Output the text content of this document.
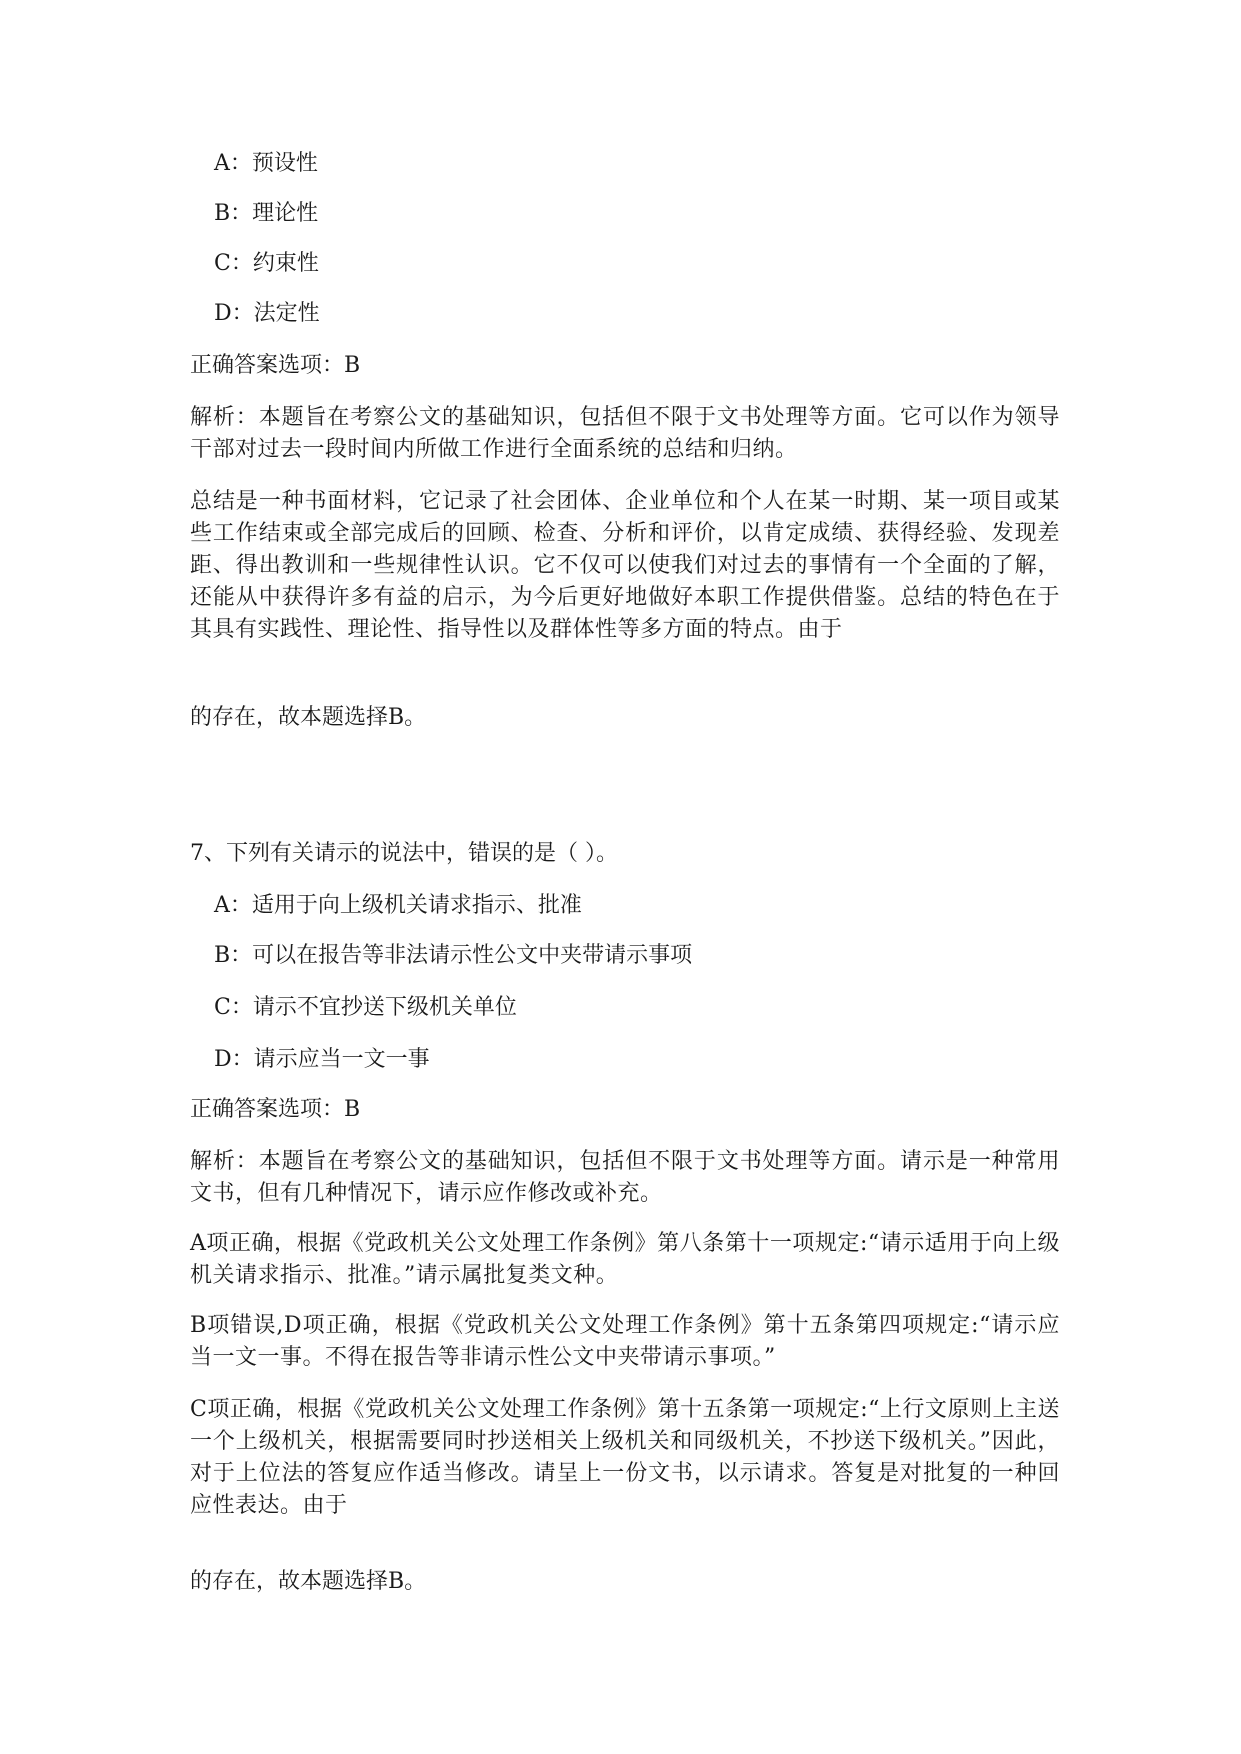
A：预设性
B：理论性
C：约束性
D：法定性
正确答案选项：B
解析：本题旨在考察公文的基础知识，包括但不限于文书处理等方面。它可以作为领导干部对过去一段时间内所做工作进行全面系统的总结和归纳。
总结是一种书面材料，它记录了社会团体、企业单位和个人在某一时期、某一项目或某些工作结束或全部完成后的回顾、检查、分析和评价，以肯定成绩、获得经验、发现差距、得出教训和一些规律性认识。它不仅可以使我们对过去的事情有一个全面的了解，还能从中获得许多有益的启示，为今后更好地做好本职工作提供借鉴。总结的特色在于其具有实践性、理论性、指导性以及群体性等多方面的特点。由于
的存在，故本题选择B。
7、下列有关请示的说法中，错误的是（ ）。
A：适用于向上级机关请求指示、批准
B：可以在报告等非法请示性公文中夹带请示事项
C：请示不宜抄送下级机关单位
D：请示应当一文一事
正确答案选项：B
解析：本题旨在考察公文的基础知识，包括但不限于文书处理等方面。请示是一种常用文书，但有几种情况下，请示应作修改或补充。
A项正确，根据《党政机关公文处理工作条例》第八条第十一项规定:“请示适用于向上级机关请求指示、批准。”请示属批复类文种。
B项错误,D项正确，根据《党政机关公文处理工作条例》第十五条第四项规定:“请示应当一文一事。不得在报告等非请示性公文中夹带请示事项。”
C项正确，根据《党政机关公文处理工作条例》第十五条第一项规定:“上行文原则上主送一个上级机关，根据需要同时抄送相关上级机关和同级机关，不抄送下级机关。”因此，对于上位法的答复应作适当修改。请呈上一份文书，以示请求。答复是对批复的一种回应性表达。由于
的存在，故本题选择B。
